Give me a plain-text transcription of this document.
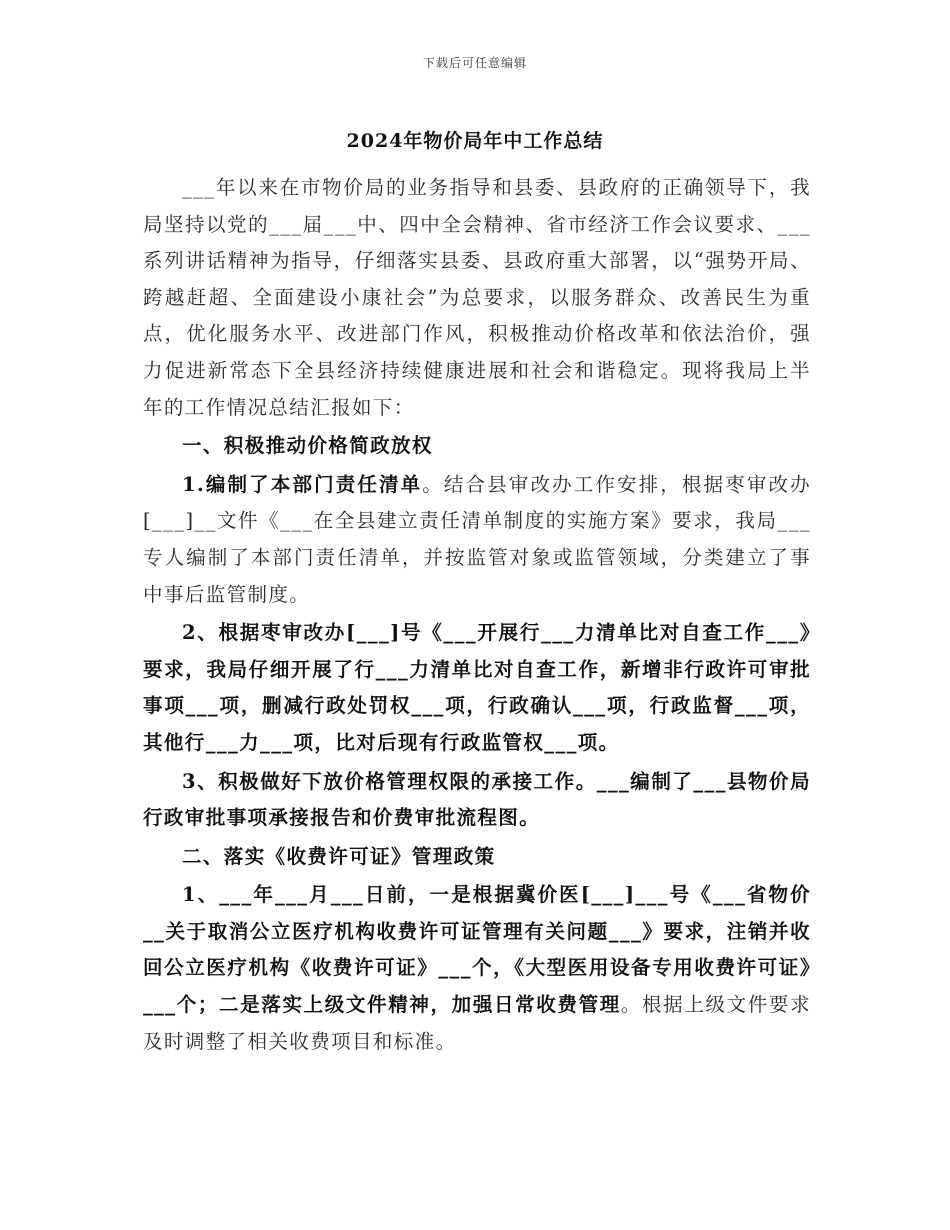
下载后可任意编辑
2024年物价局年中工作总结

___年以来在市物价局的业务指导和县委、县政府的正确领导下，我局坚持以党的___届___中、四中全会精神、省市经济工作会议要求、___系列讲话精神为指导，仔细落实县委、县政府重大部署，以“强势开局、跨越赶超、全面建设小康社会”为总要求，以服务群众、改善民生为重点，优化服务水平、改进部门作风，积极推动价格改革和依法治价，强力促进新常态下全县经济持续健康进展和社会和谐稳定。现将我局上半年的工作情况总结汇报如下：

一、积极推动价格简政放权

1.编制了本部门责任清单。结合县审改办工作安排，根据枣审改办[___]__文件《___在全县建立责任清单制度的实施方案》要求，我局___专人编制了本部门责任清单，并按监管对象或监管领域，分类建立了事中事后监管制度。

2、根据枣审改办[___]号《___开展行___力清单比对自查工作___》要求，我局仔细开展了行___力清单比对自查工作，新增非行政许可审批事项___项，删减行政处罚权___项，行政确认___项，行政监督___项，其他行___力___项，比对后现有行政监管权___项。

3、积极做好下放价格管理权限的承接工作。___编制了___县物价局行政审批事项承接报告和价费审批流程图。

二、落实《收费许可证》管理政策

1、___年___月___日前，一是根据冀价医[___]___号《___省物价__关于取消公立医疗机构收费许可证管理有关问题___》要求，注销并收回公立医疗机构《收费许可证》___个，《大型医用设备专用收费许可证》___个；二是落实上级文件精神，加强日常收费管理。根据上级文件要求及时调整了相关收费项目和标准。
